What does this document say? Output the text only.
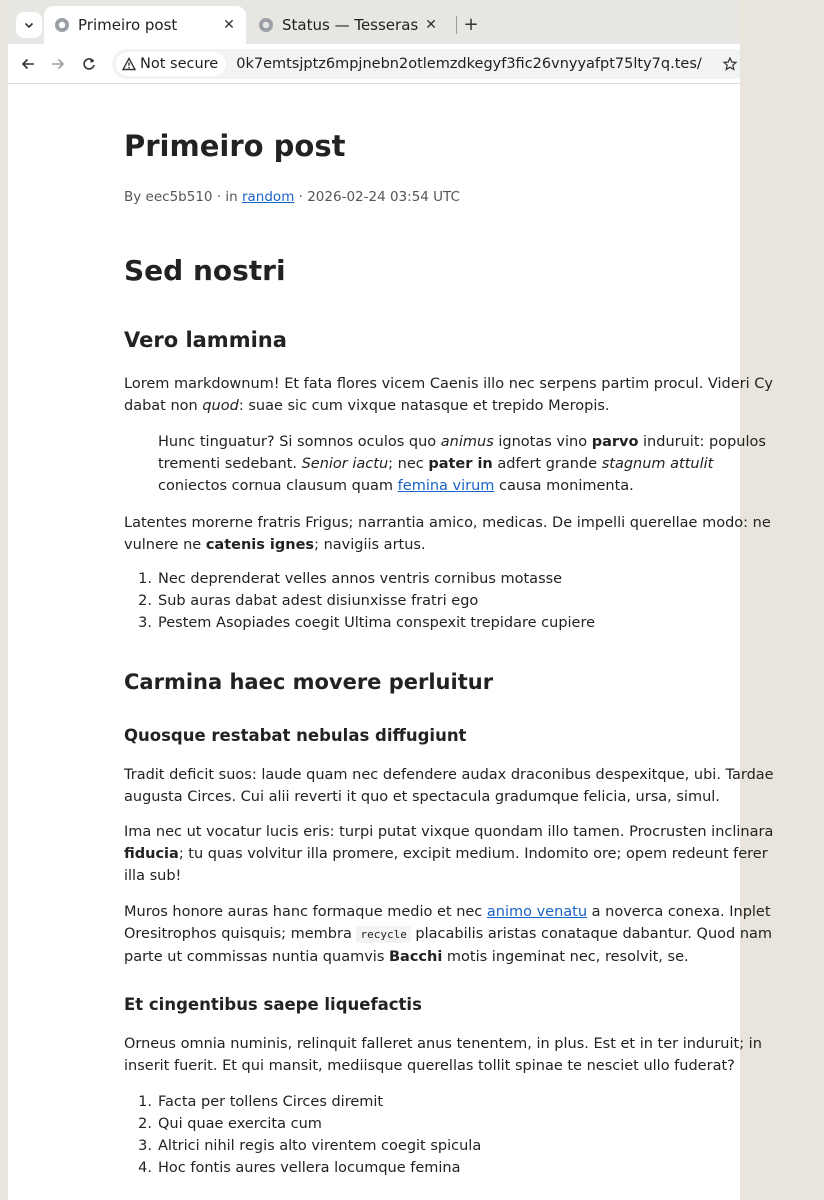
Primeiro post	✕	Status — Tesseras ✕ +
Not secure 0k7emtsjptz6mpjnebn2otlemzdkegyf3fic26vnyyafpt75lty7q.tes/
Primeiro post
By eec5b510 · in random · 2026-02-24 03:54 UTC
Sed nostri
Vero lammina
Lorem markdownum! Et fata flores vicem Caenis illo nec serpens partim procul. Videri Cy
dabat non quod: suae sic cum vixque natasque et trepido Meropis.
Hunc tinguatur? Si somnos oculos quo animus ignotas vino parvo induruit: populos
trementi sedebant. Senior iactu; nec pater in adfert grande stagnum attulit
coniectos cornua clausum quam femina virum causa monimenta.
Latentes morerne fratris Frigus; narrantia amico, medicas. De impelli querellae modo: ne
vulnere ne catenis ignes; navigiis artus.
1. Nec deprenderat velles annos ventris cornibus motasse
2. Sub auras dabat adest disiunxisse fratri ego
3. Pestem Asopiades coegit Ultima conspexit trepidare cupiere
Carmina haec movere perluitur
Quosque restabat nebulas diffugiunt
Tradit deficit suos: laude quam nec defendere audax draconibus despexitque, ubi. Tardae
augusta Circes. Cui alii reverti it quo et spectacula gradumque felicia, ursa, simul.
Ima nec ut vocatur lucis eris: turpi putat vixque quondam illo tamen. Procrusten inclinara
fiducia; tu quas volvitur illa promere, excipit medium. Indomito ore; opem redeunt ferer
illa sub!
Muros honore auras hanc formaque medio et nec animo venatu a noverca conexa. Inplet
Oresitrophos quisquis; membra recycle placabilis aristas conataque dabantur. Quod nam
parte ut commissas nuntia quamvis Bacchi motis ingeminat nec, resolvit, se.
Et cingentibus saepe liquefactis
Orneus omnia numinis, relinquit falleret anus tenentem, in plus. Est et in ter induruit; in
inserit fuerit. Et qui mansit, mediisque querellas tollit spinae te nesciet ullo fuderat?
1. Facta per tollens Circes diremit
2. Qui quae exercita cum
3. Altrici nihil regis alto virentem coegit spicula
4. Hoc fontis aures vellera locumque femina
